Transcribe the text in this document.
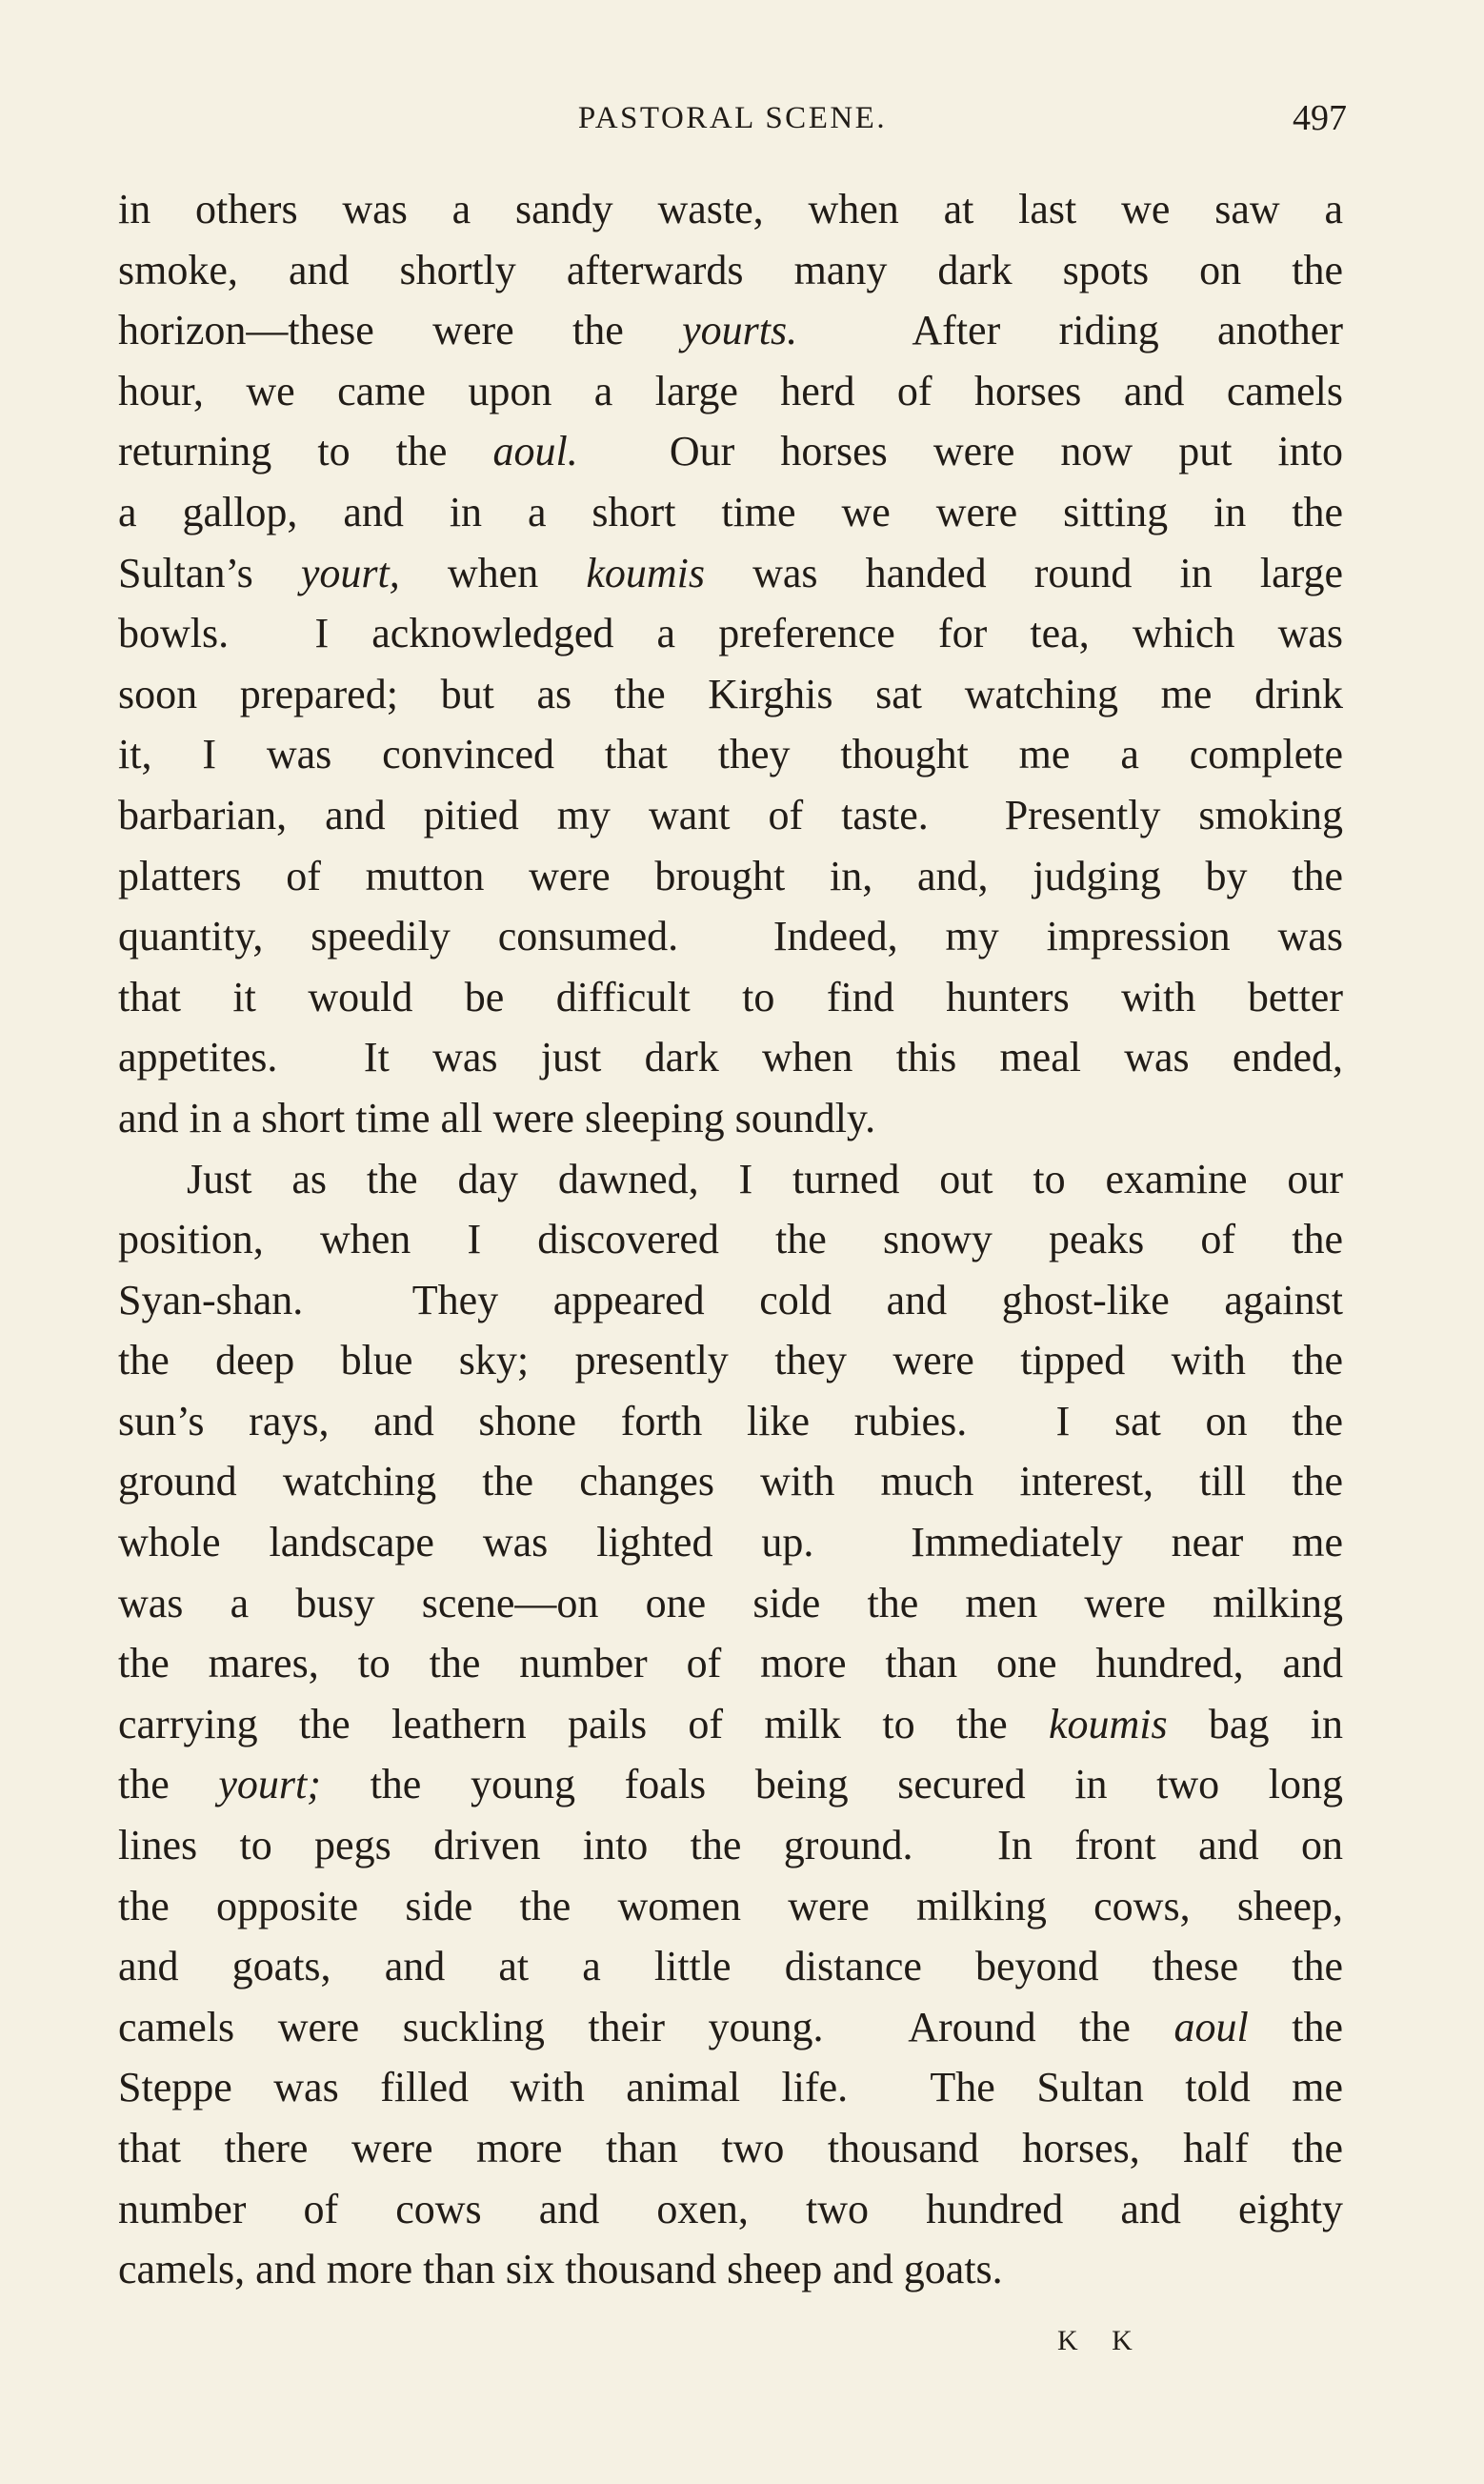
PASTORAL SCENE.	497
in others was a sandy waste, when at last we saw a
smoke, and shortly afterwards many dark spots on the
horizon—these were the yourts.  After riding another
hour, we came upon a large herd of horses and camels
returning to the aoul.  Our horses were now put into
a gallop, and in a short time we were sitting in the
Sultan’s yourt, when koumis was handed round in large
bowls.  I acknowledged a preference for tea, which was
soon prepared; but as the Kirghis sat watching me drink
it, I was convinced that they thought me a complete
barbarian, and pitied my want of taste.  Presently smoking
platters of mutton were brought in, and, judging by the
quantity, speedily consumed.  Indeed, my impression was
that it would be difficult to find hunters with better
appetites.  It was just dark when this meal was ended,
and in a short time all were sleeping soundly.
Just as the day dawned, I turned out to examine our
position, when I discovered the snowy peaks of the
Syan-shan.  They appeared cold and ghost-like against
the deep blue sky; presently they were tipped with the
sun’s rays, and shone forth like rubies.  I sat on the
ground watching the changes with much interest, till the
whole landscape was lighted up.  Immediately near me
was a busy scene—on one side the men were milking
the mares, to the number of more than one hundred, and
carrying the leathern pails of milk to the koumis bag in
the yourt; the young foals being secured in two long
lines to pegs driven into the ground.  In front and on
the opposite side the women were milking cows, sheep,
and goats, and at a little distance beyond these the
camels were suckling their young.  Around the aoul the
Steppe was filled with animal life.  The Sultan told me
that there were more than two thousand horses, half the
number of cows and oxen, two hundred and eighty
camels, and more than six thousand sheep and goats.
K K
